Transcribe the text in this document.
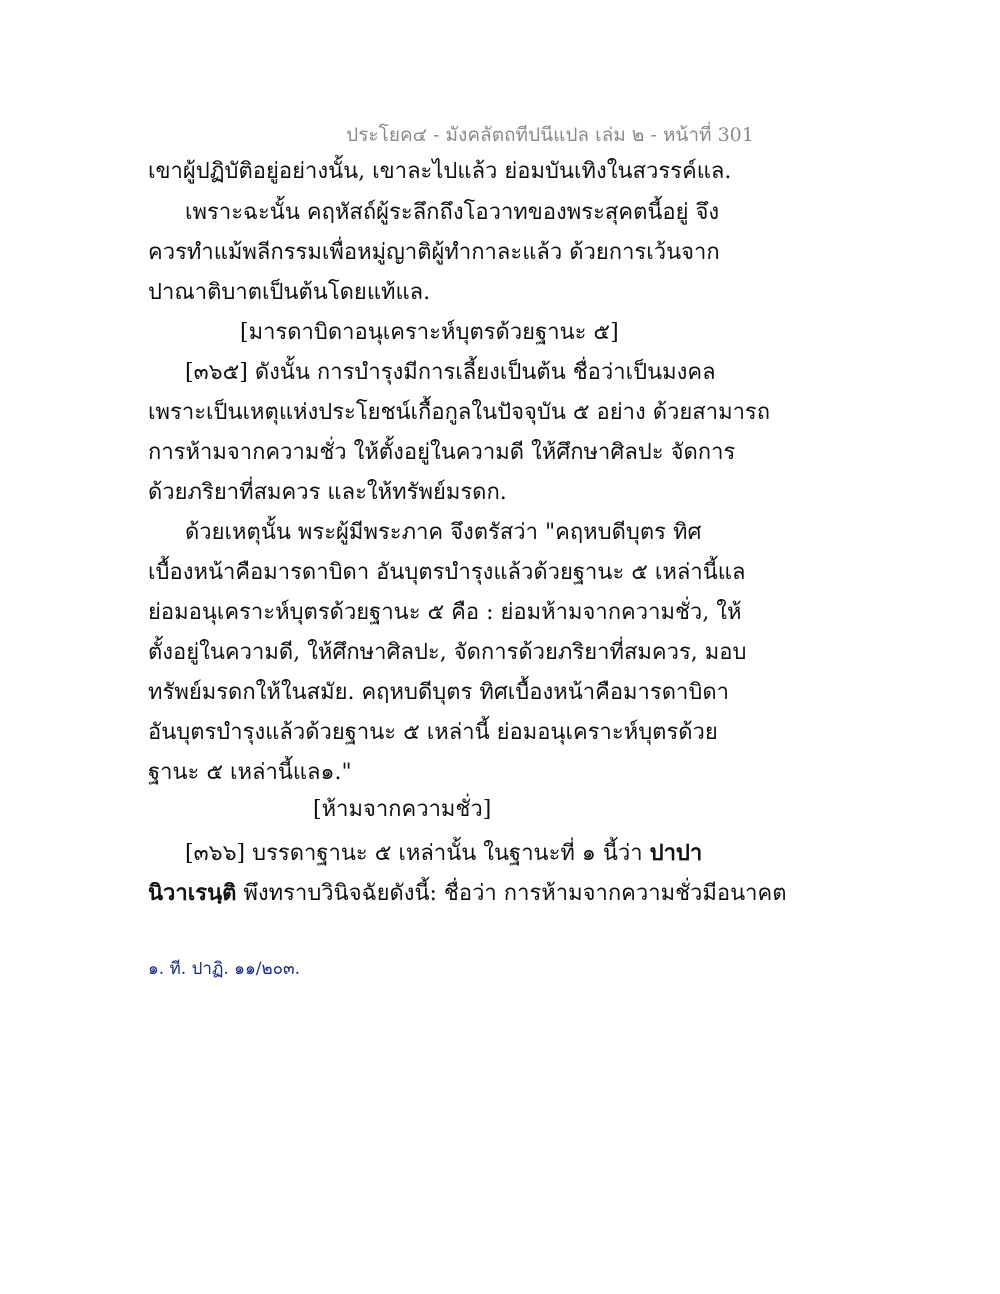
ประโยค๔ - มังคลัตถทีปนีแปล เล่ม ๒ - หน้าที่ 301
เขาผู้ปฏิบัติอยู่อย่างนั้น, เขาละไปแล้ว ย่อมบันเทิงในสวรรค์แล.
เพราะฉะนั้น คฤหัสถ์ผู้ระลึกถึงโอวาทของพระสุคตนี้อยู่ จึง
ควรทำแม้พลีกรรมเพื่อหมู่ญาติผู้ทำกาละแล้ว ด้วยการเว้นจาก
ปาณาติบาตเป็นต้นโดยแท้แล.
[มารดาบิดาอนุเคราะห์บุตรด้วยฐานะ ๕]
[๓๖๕] ดังนั้น การบำรุงมีการเลี้ยงเป็นต้น ชื่อว่าเป็นมงคล
เพราะเป็นเหตุแห่งประโยชน์เกื้อกูลในปัจจุบัน ๕ อย่าง ด้วยสามารถ
การห้ามจากความชั่ว ให้ตั้งอยู่ในความดี ให้ศึกษาศิลปะ จัดการ
ด้วยภริยาที่สมควร และให้ทรัพย์มรดก.
ด้วยเหตุนั้น พระผู้มีพระภาค จึงตรัสว่า "คฤหบดีบุตร ทิศ
เบื้องหน้าคือมารดาบิดา อันบุตรบำรุงแล้วด้วยฐานะ ๕ เหล่านี้แล
ย่อมอนุเคราะห์บุตรด้วยฐานะ ๕ คือ : ย่อมห้ามจากความชั่ว, ให้
ตั้งอยู่ในความดี, ให้ศึกษาศิลปะ, จัดการด้วยภริยาที่สมควร, มอบ
ทรัพย์มรดกให้ในสมัย. คฤหบดีบุตร ทิศเบื้องหน้าคือมารดาบิดา
อันบุตรบำรุงแล้วด้วยฐานะ ๕ เหล่านี้ ย่อมอนุเคราะห์บุตรด้วย
ฐานะ ๕ เหล่านี้แล๑."
[ห้ามจากความชั่ว]
[๓๖๖] บรรดาฐานะ ๕ เหล่านั้น ในฐานะที่ ๑ นี้ว่า ปาปา
นิวาเรนฺติ พึงทราบวินิจฉัยดังนี้: ชื่อว่า การห้ามจากความชั่วมีอนาคต
๑. ที. ปาฏิ. ๑๑/๒๐๓.
